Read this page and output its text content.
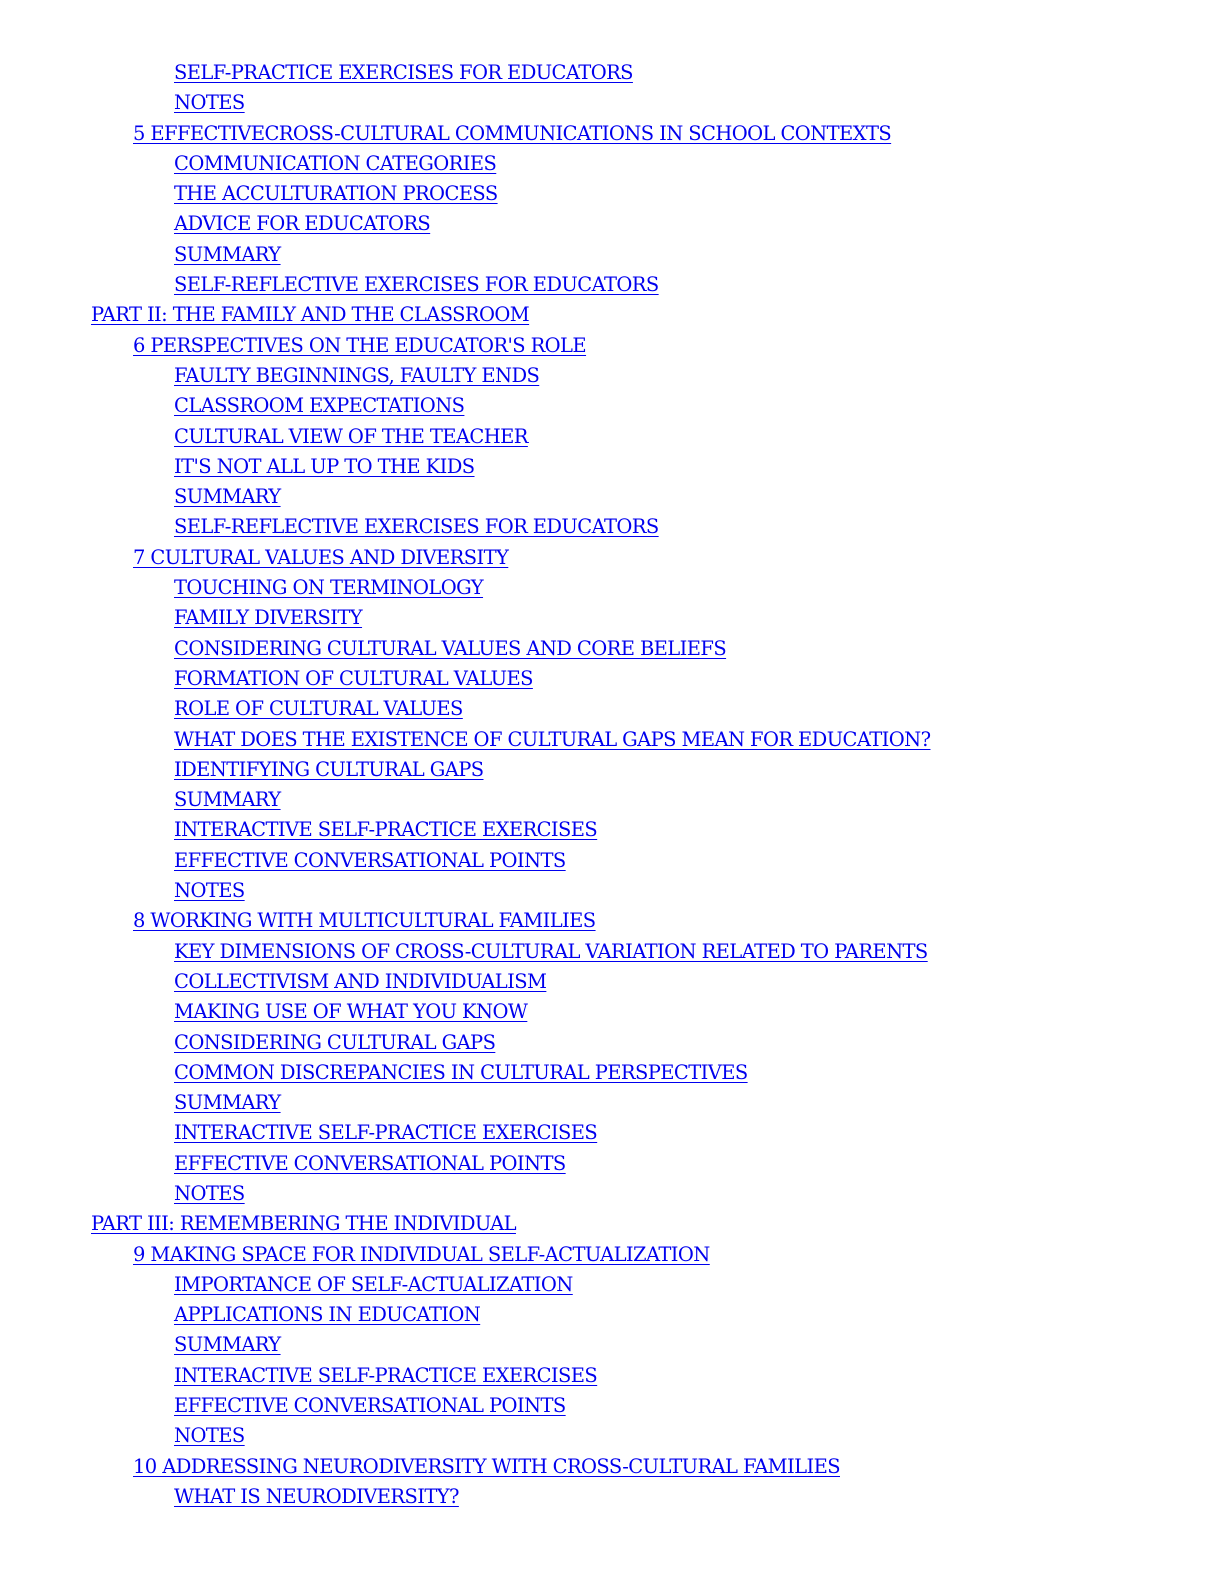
SELF-PRACTICE EXERCISES FOR EDUCATORS
NOTES
5 EFFECTIVECROSS-CULTURAL COMMUNICATIONS IN SCHOOL CONTEXTS
COMMUNICATION CATEGORIES
THE ACCULTURATION PROCESS
ADVICE FOR EDUCATORS
SUMMARY
SELF-REFLECTIVE EXERCISES FOR EDUCATORS
PART II: THE FAMILY AND THE CLASSROOM
6 PERSPECTIVES ON THE EDUCATOR'S ROLE
FAULTY BEGINNINGS, FAULTY ENDS
CLASSROOM EXPECTATIONS
CULTURAL VIEW OF THE TEACHER
IT'S NOT ALL UP TO THE KIDS
SUMMARY
SELF-REFLECTIVE EXERCISES FOR EDUCATORS
7 CULTURAL VALUES AND DIVERSITY
TOUCHING ON TERMINOLOGY
FAMILY DIVERSITY
CONSIDERING CULTURAL VALUES AND CORE BELIEFS
FORMATION OF CULTURAL VALUES
ROLE OF CULTURAL VALUES
WHAT DOES THE EXISTENCE OF CULTURAL GAPS MEAN FOR EDUCATION?
IDENTIFYING CULTURAL GAPS
SUMMARY
INTERACTIVE SELF-PRACTICE EXERCISES
EFFECTIVE CONVERSATIONAL POINTS
NOTES
8 WORKING WITH MULTICULTURAL FAMILIES
KEY DIMENSIONS OF CROSS-CULTURAL VARIATION RELATED TO PARENTS
COLLECTIVISM AND INDIVIDUALISM
MAKING USE OF WHAT YOU KNOW
CONSIDERING CULTURAL GAPS
COMMON DISCREPANCIES IN CULTURAL PERSPECTIVES
SUMMARY
INTERACTIVE SELF-PRACTICE EXERCISES
EFFECTIVE CONVERSATIONAL POINTS
NOTES
PART III: REMEMBERING THE INDIVIDUAL
9 MAKING SPACE FOR INDIVIDUAL SELF-ACTUALIZATION
IMPORTANCE OF SELF-ACTUALIZATION
APPLICATIONS IN EDUCATION
SUMMARY
INTERACTIVE SELF-PRACTICE EXERCISES
EFFECTIVE CONVERSATIONAL POINTS
NOTES
10 ADDRESSING NEURODIVERSITY WITH CROSS-CULTURAL FAMILIES
WHAT IS NEURODIVERSITY?
